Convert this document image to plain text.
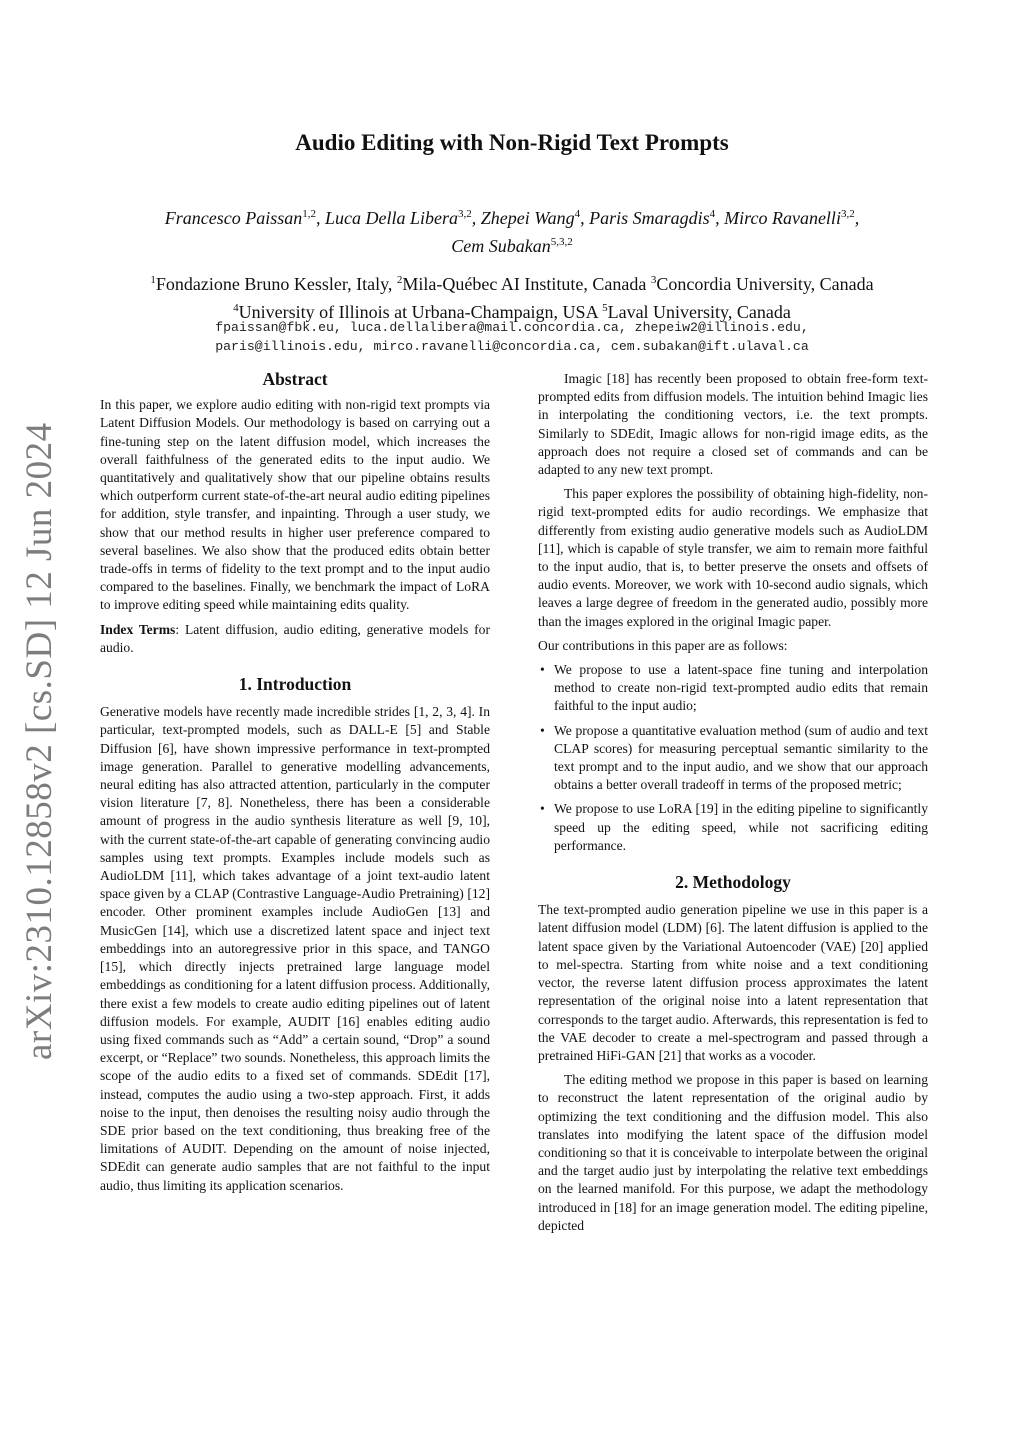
arXiv:2310.12858v2 [cs.SD] 12 Jun 2024
Audio Editing with Non-Rigid Text Prompts
Francesco Paissan$^{1,2}$, Luca Della Libera$^{3,2}$, Zhepei Wang$^4$, Paris Smaragdis$^4$, Mirco Ravanelli$^{3,2}$,
Cem Subakan$^{5,3,2}$
$^1$Fondazione Bruno Kessler, Italy, $^2$Mila-Québec AI Institute, Canada $^3$Concordia University, Canada
$^4$University of Illinois at Urbana-Champaign, USA $^5$Laval University, Canada
fpaissan@fbk.eu, luca.dellalibera@mail.concordia.ca, zhepeiw2@illinois.edu,
paris@illinois.edu, mirco.ravanelli@concordia.ca, cem.subakan@ift.ulaval.ca
Abstract

In this paper, we explore audio editing with non-rigid text prompts via Latent Diffusion Models. Our methodology is based on carrying out a fine-tuning step on the latent diffusion model, which increases the overall faithfulness of the generated edits to the input audio. We quantitatively and qualitatively show that our pipeline obtains results which outperform current state-of-the-art neural audio editing pipelines for addition, style transfer, and inpainting. Through a user study, we show that our method results in higher user preference compared to several baselines. We also show that the produced edits obtain better trade-offs in terms of fidelity to the text prompt and to the input audio compared to the baselines. Finally, we benchmark the impact of LoRA to improve editing speed while maintaining edits quality.

Index Terms: Latent diffusion, audio editing, generative models for audio.

1. Introduction

Generative models have recently made incredible strides [1, 2, 3, 4]. In particular, text-prompted models, such as DALL-E [5] and Stable Diffusion [6], have shown impressive performance in text-prompted image generation. Parallel to generative modelling advancements, neural editing has also attracted attention, particularly in the computer vision literature [7, 8]. Nonetheless, there has been a considerable amount of progress in the audio synthesis literature as well [9, 10], with the current state-of-the-art capable of generating convincing audio samples using text prompts. Examples include models such as AudioLDM [11], which takes advantage of a joint text-audio latent space given by a CLAP (Contrastive Language-Audio Pretraining) [12] encoder. Other prominent examples include AudioGen [13] and MusicGen [14], which use a discretized latent space and inject text embeddings into an autoregressive prior in this space, and TANGO [15], which directly injects pretrained large language model embeddings as conditioning for a latent diffusion process. Additionally, there exist a few models to create audio editing pipelines out of latent diffusion models. For example, AUDIT [16] enables editing audio using fixed commands such as “Add” a certain sound, “Drop” a sound excerpt, or “Replace” two sounds. Nonetheless, this approach limits the scope of the audio edits to a fixed set of commands. SDEdit [17], instead, computes the audio using a two-step approach. First, it adds noise to the input, then denoises the resulting noisy audio through the SDE prior based on the text conditioning, thus breaking free of the limitations of AUDIT. Depending on the amount of noise injected, SDEdit can generate audio samples that are not faithful to the input audio, thus limiting its application scenarios.

Imagic [18] has recently been proposed to obtain free-form text-prompted edits from diffusion models. The intuition behind Imagic lies in interpolating the conditioning vectors, i.e. the text prompts. Similarly to SDEdit, Imagic allows for non-rigid image edits, as the approach does not require a closed set of commands and can be adapted to any new text prompt.

This paper explores the possibility of obtaining high-fidelity, non-rigid text-prompted edits for audio recordings. We emphasize that differently from existing audio generative models such as AudioLDM [11], which is capable of style transfer, we aim to remain more faithful to the input audio, that is, to better preserve the onsets and offsets of audio events. Moreover, we work with 10-second audio signals, which leaves a large degree of freedom in the generated audio, possibly more than the images explored in the original Imagic paper.

Our contributions in this paper are as follows:

• We propose to use a latent-space fine tuning and interpolation method to create non-rigid text-prompted audio edits that remain faithful to the input audio;
• We propose a quantitative evaluation method (sum of audio and text CLAP scores) for measuring perceptual semantic similarity to the text prompt and to the input audio, and we show that our approach obtains a better overall tradeoff in terms of the proposed metric;
• We propose to use LoRA [19] in the editing pipeline to significantly speed up the editing speed, while not sacrificing editing performance.
2. Methodology

The text-prompted audio generation pipeline we use in this paper is a latent diffusion model (LDM) [6]. The latent diffusion is applied to the latent space given by the Variational Autoencoder (VAE) [20] applied to mel-spectra. Starting from white noise and a text conditioning vector, the reverse latent diffusion process approximates the latent representation of the original noise into a latent representation that corresponds to the target audio. Afterwards, this representation is fed to the VAE decoder to create a mel-spectrogram and passed through a pretrained HiFi-GAN [21] that works as a vocoder.

The editing method we propose in this paper is based on learning to reconstruct the latent representation of the original audio by optimizing the text conditioning and the diffusion model. This also translates into modifying the latent space of the diffusion model conditioning so that it is conceivable to interpolate between the original and the target audio just by interpolating the relative text embeddings on the learned manifold. For this purpose, we adapt the methodology introduced in [18] for an image generation model. The editing pipeline, depicted
